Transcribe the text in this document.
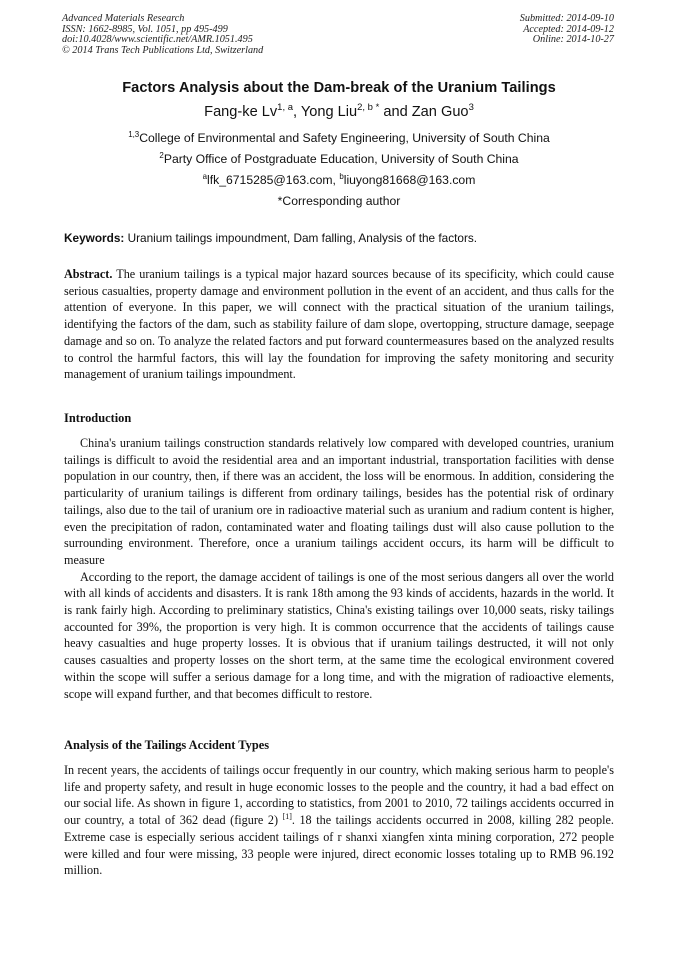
Advanced Materials Research
ISSN: 1662-8985, Vol. 1051, pp 495-499
doi:10.4028/www.scientific.net/AMR.1051.495
© 2014 Trans Tech Publications Ltd, Switzerland
Submitted: 2014-09-10
Accepted: 2014-09-12
Online: 2014-10-27
Factors Analysis about the Dam-break of the Uranium Tailings
Fang-ke Lv$^{1, a}$, Yong Liu$^{2, b *}$ and Zan Guo$^3$
$^{1,3}$College of Environmental and Safety Engineering, University of South China
$^2$Party Office of Postgraduate Education, University of South China
$^a$lfk_6715285@163.com, $^b$liuyong81668@163.com
*Corresponding author
Keywords: Uranium tailings impoundment, Dam falling, Analysis of the factors.

Abstract. The uranium tailings is a typical major hazard sources because of its specificity, which could cause serious casualties, property damage and environment pollution in the event of an accident, and thus calls for the attention of everyone. In this paper, we will connect with the practical situation of the uranium tailings, identifying the factors of the dam, such as stability failure of dam slope, overtopping, structure damage, seepage damage and so on. To analyze the related factors and put forward countermeasures based on the analyzed results to control the harmful factors, this will lay the foundation for improving the safety monitoring and security management of uranium tailings impoundment.

Introduction

China's uranium tailings construction standards relatively low compared with developed countries, uranium tailings is difficult to avoid the residential area and an important industrial, transportation facilities with dense population in our country, then, if there was an accident, the loss will be enormous. In addition, considering the particularity of uranium tailings is different from ordinary tailings, besides has the potential risk of ordinary tailings, also due to the tail of uranium ore in radioactive material such as uranium and radium content is higher, even the precipitation of radon, contaminated water and floating tailings dust will also cause pollution to the surrounding environment. Therefore, once a uranium tailings accident occurs, its harm will be difficult to measure

According to the report, the damage accident of tailings is one of the most serious dangers all over the world with all kinds of accidents and disasters. It is rank 18th among the 93 kinds of accidents, hazards in the world. It is rank fairly high. According to preliminary statistics, China's existing tailings over 10,000 seats, risky tailings accounted for 39%, the proportion is very high. It is common occurrence that the accidents of tailings cause heavy casualties and huge property losses. It is obvious that if uranium tailings destructed, it will not only causes casualties and property losses on the short term, at the same time the ecological environment covered within the scope will suffer a serious damage for a long time, and with the migration of radioactive elements, scope will expand further, and that becomes difficult to restore.

Analysis of the Tailings Accident Types

In recent years, the accidents of tailings occur frequently in our country, which making serious harm to people's life and property safety, and result in huge economic losses to the people and the country, it had a bad effect on our social life. As shown in figure 1, according to statistics, from 2001 to 2010, 72 tailings accidents occurred in our country, a total of 362 dead (figure 2) [1]. 18 the tailings accidents occurred in 2008, killing 282 people. Extreme case is especially serious accident tailings of r shanxi xiangfen xinta mining corporation, 272 people were killed and four were missing, 33 people were injured, direct economic losses totaling up to RMB 96.192 million.
